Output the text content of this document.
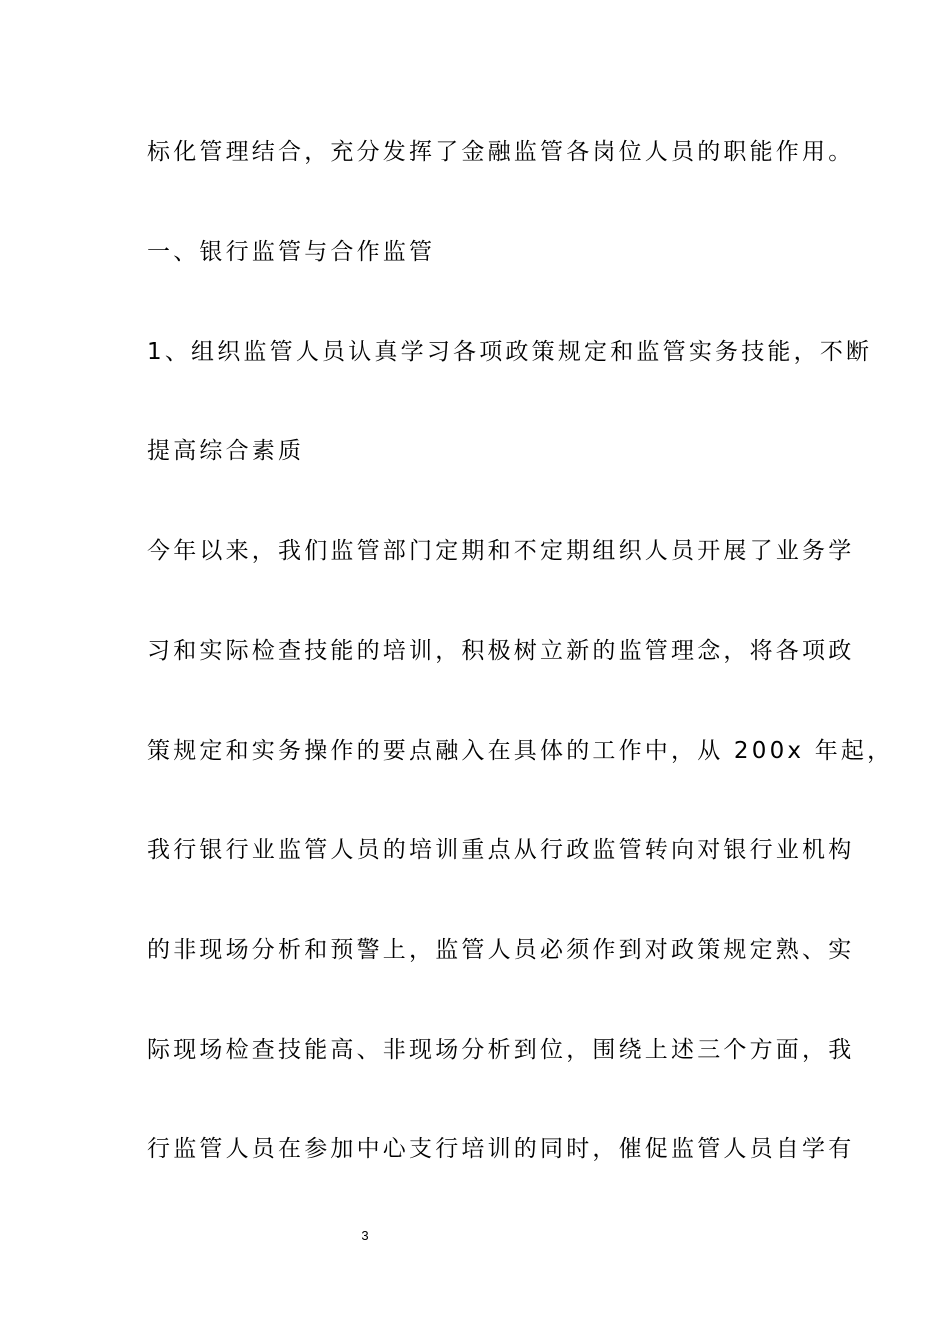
标化管理结合，充分发挥了金融监管各岗位人员的职能作用。
一、银行监管与合作监管
1、组织监管人员认真学习各项政策规定和监管实务技能，不断
提高综合素质
今年以来，我们监管部门定期和不定期组织人员开展了业务学
习和实际检查技能的培训，积极树立新的监管理念，将各项政
策规定和实务操作的要点融入在具体的工作中，从 200x 年起，
我行银行业监管人员的培训重点从行政监管转向对银行业机构
的非现场分析和预警上，监管人员必须作到对政策规定熟、实
际现场检查技能高、非现场分析到位，围绕上述三个方面，我
行监管人员在参加中心支行培训的同时，催促监管人员自学有
3
